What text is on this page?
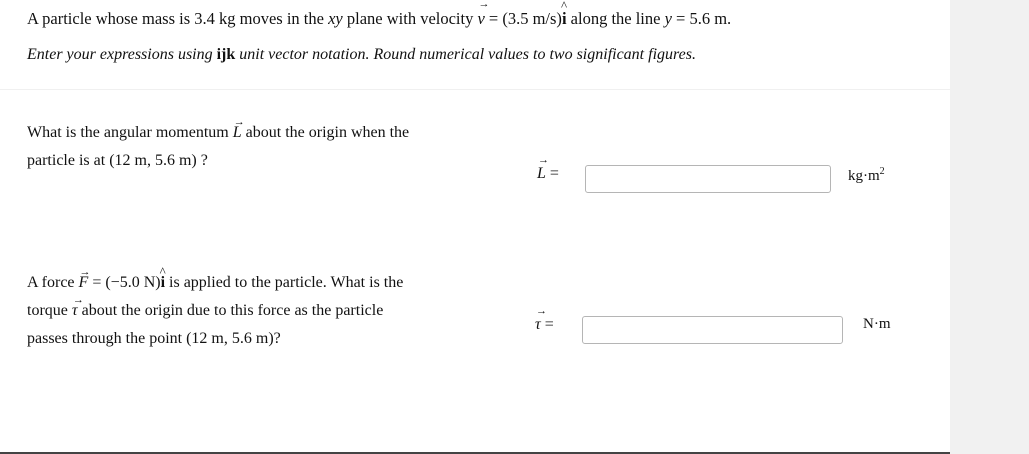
A particle whose mass is 3.4 kg moves in the xy plane with velocity → v = (3.5 m/s)^ i along the line y = 5.6 m.
Enter your expressions using ijk unit vector notation. Round numerical values to two significant figures.
What is the angular momentum → L about the origin when the
particle is at (12 m, 5.6 m) ?
→ L =	$kg\cdot m^2$
A force → F = (−5.0 N)^ i is applied to the particle. What is the
torque → τ about the origin due to this force as the particle
passes through the point (12 m, 5.6 m)?
→ τ =	N·m
